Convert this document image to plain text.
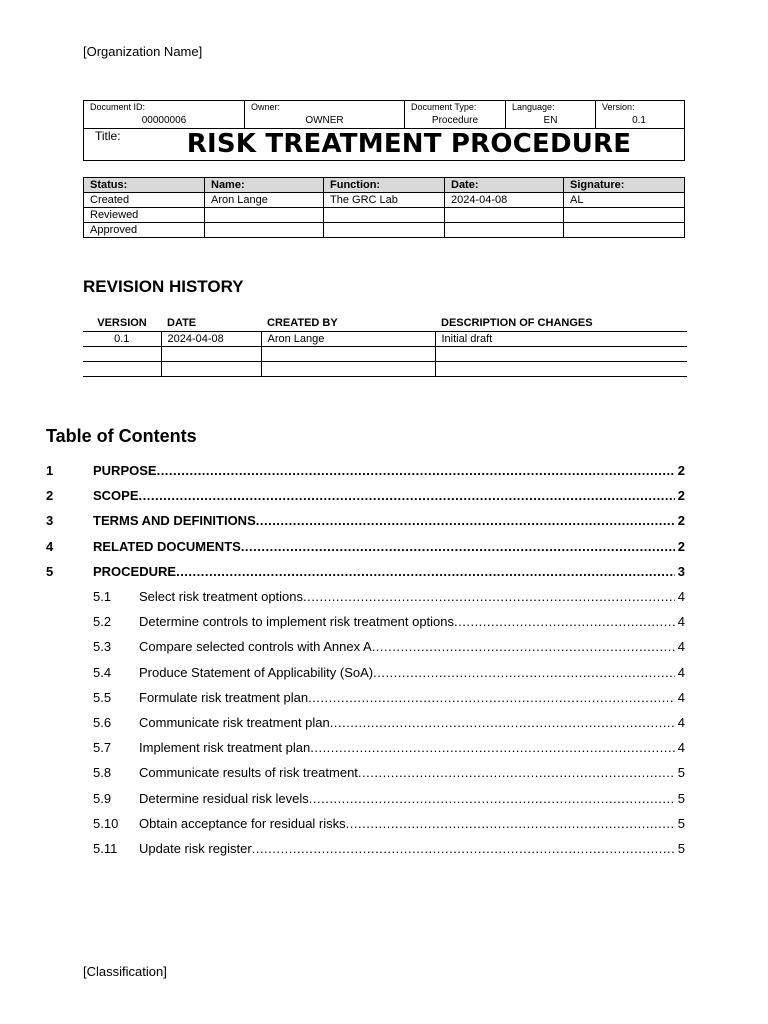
[Organization Name]
Document ID:
00000006
Owner:
OWNER
Document Type:
Procedure
Language:
EN
Version:
0.1
Title:	RISK TREATMENT PROCEDURE
Status:	Name:	Function:	Date:	Signature:
Created	Aron Lange	The GRC Lab	2024-04-08	AL
Reviewed				
Approved				
REVISION HISTORY
VERSION	DATE	CREATED BY	DESCRIPTION OF CHANGES
0.1	2024-04-08	Aron Lange	Initial draft

Table of Contents
1	PURPOSE .....	2
2	SCOPE .....	2
3	TERMS AND DEFINITIONS .....	2
4	RELATED DOCUMENTS .....	2
5	PROCEDURE .....	3
5.1	Select risk treatment options .....	4
5.2	Determine controls to implement risk treatment options .....	4
5.3	Compare selected controls with Annex A .....	4
5.4	Produce Statement of Applicability (SoA) .....	4
5.5	Formulate risk treatment plan .....	4
5.6	Communicate risk treatment plan .....	4
5.7	Implement risk treatment plan .....	4
5.8	Communicate results of risk treatment .....	5
5.9	Determine residual risk levels .....	5
5.10	Obtain acceptance for residual risks .....	5
5.11	Update risk register .....	5
[Classification]
